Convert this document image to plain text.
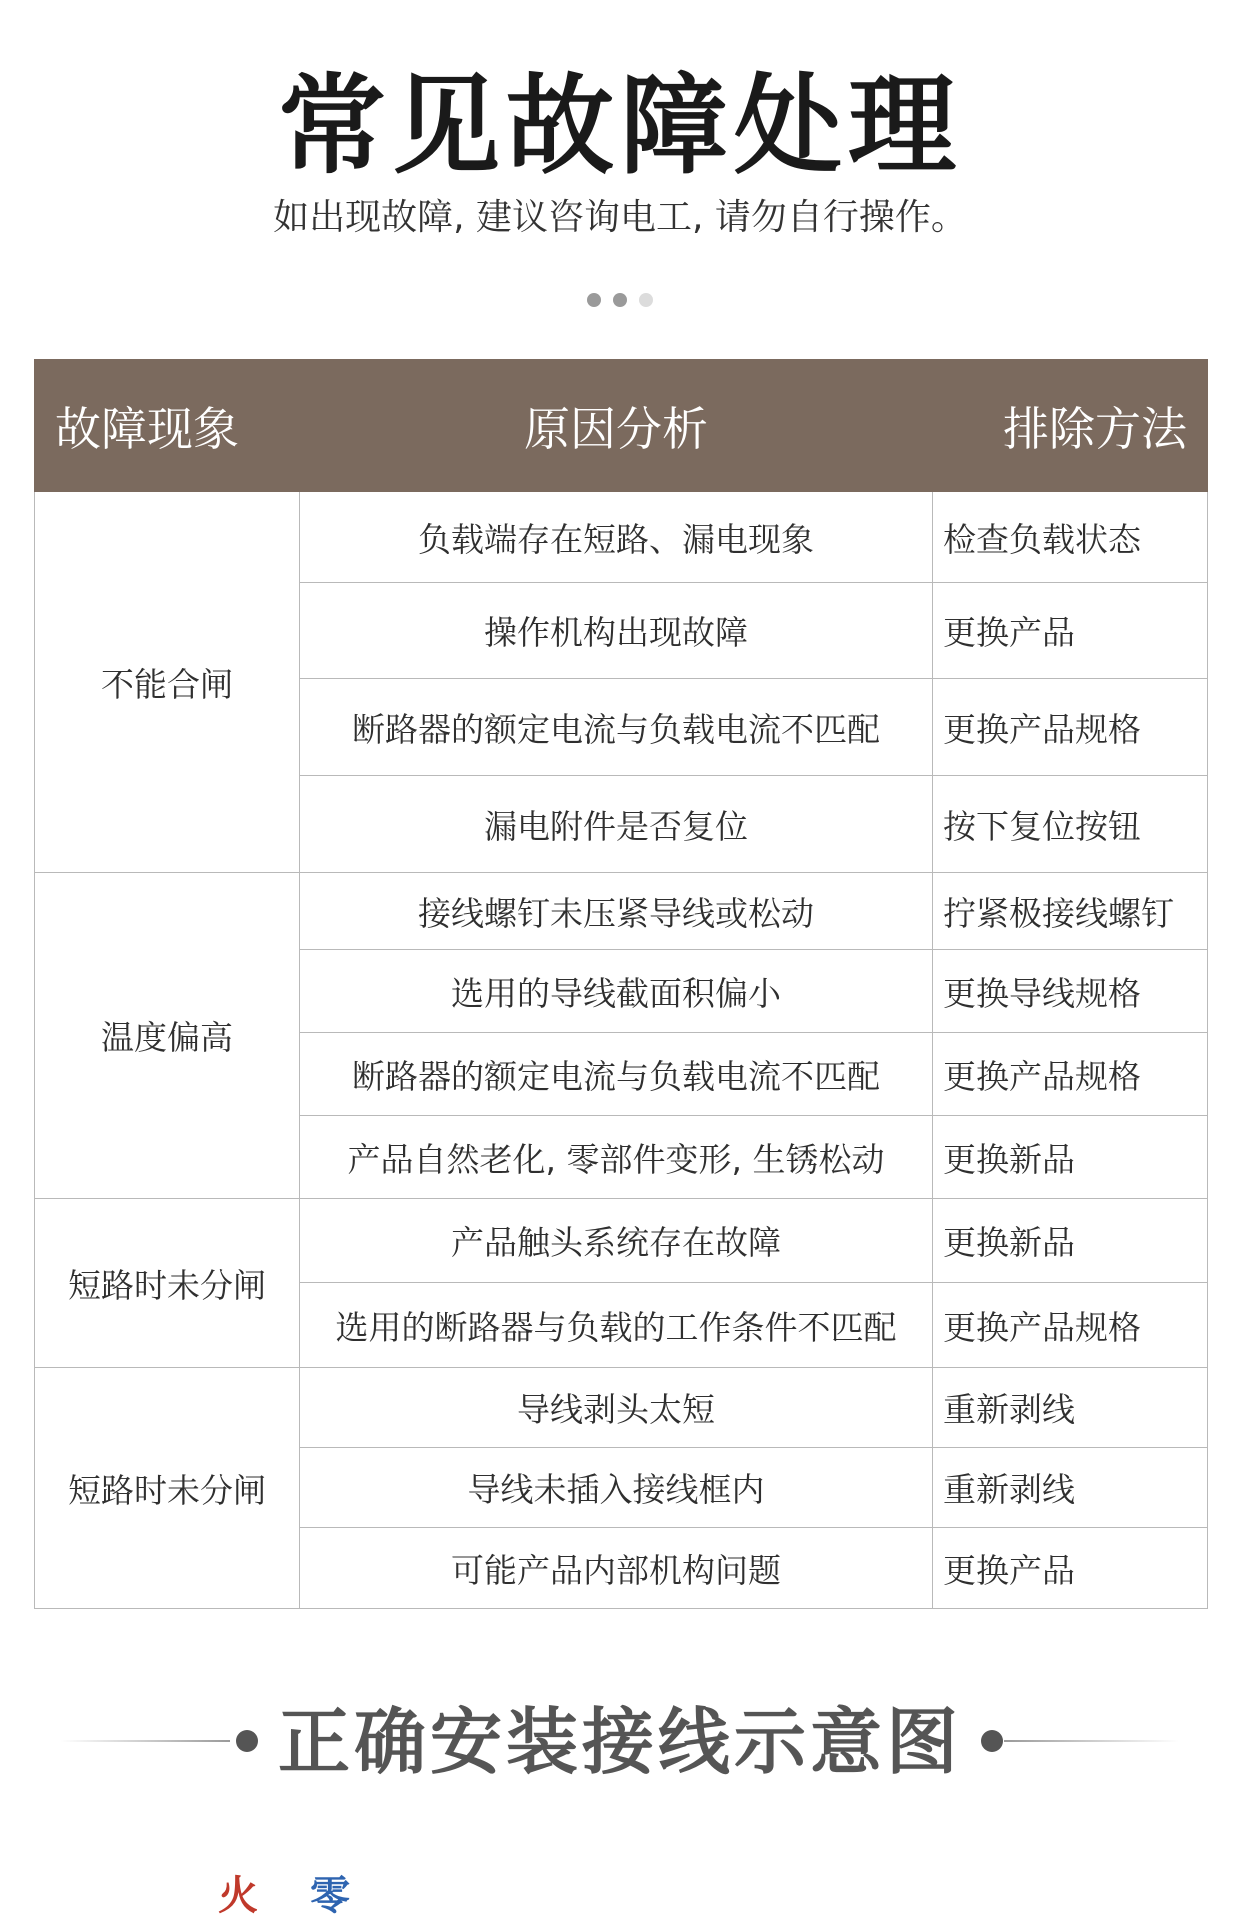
常见故障处理
如出现故障, 建议咨询电工, 请勿自行操作。
故障现象	原因分析	排除方法
不能合闸	负载端存在短路、漏电现象	检查负载状态
	操作机构出现故障	更换产品
	断路器的额定电流与负载电流不匹配	更换产品规格
	漏电附件是否复位	按下复位按钮
温度偏高	接线螺钉未压紧导线或松动	拧紧极接线螺钉
	选用的导线截面积偏小	更换导线规格
	断路器的额定电流与负载电流不匹配	更换产品规格
	产品自然老化, 零部件变形, 生锈松动	更换新品
短路时未分闸	产品触头系统存在故障	更换新品
	选用的断路器与负载的工作条件不匹配	更换产品规格
短路时未分闸	导线剥头太短	重新剥线
	导线未插入接线框内	重新剥线
	可能产品内部机构问题	更换产品
正确安装接线示意图
火 零
